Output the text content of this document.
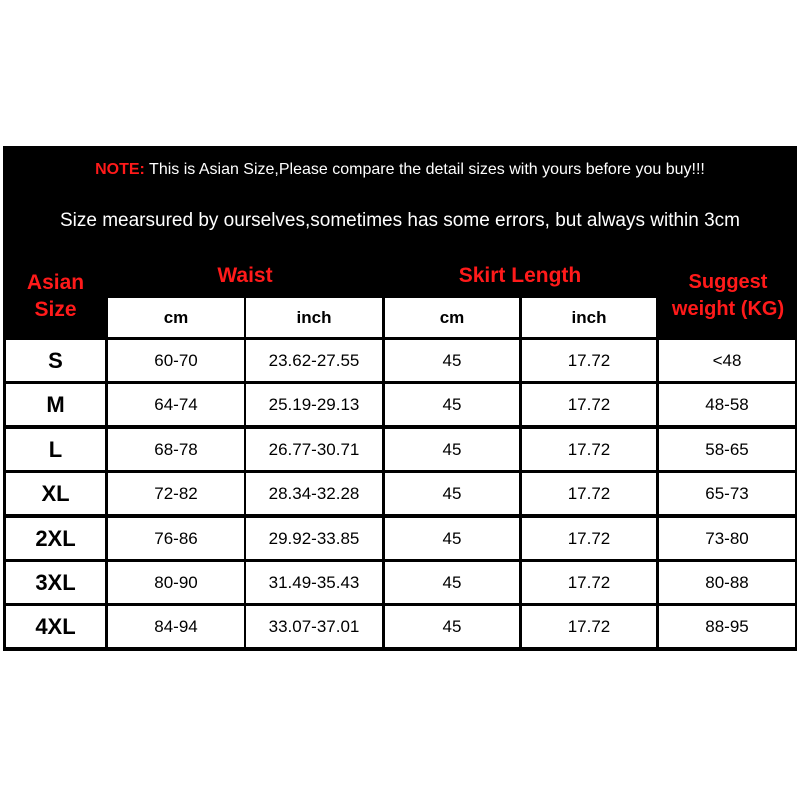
NOTE: This is Asian Size,Please compare the detail sizes with yours before you buy!!!
Size mearsured by ourselves,sometimes has some errors, but always within 3cm
Asian Size
Waist	Skirt Length	Suggest weight (KG)
cm	inch	cm	inch
S	60-70	23.62-27.55	45	17.72	<48
M	64-74	25.19-29.13	45	17.72	48-58
L	68-78	26.77-30.71	45	17.72	58-65
XL	72-82	28.34-32.28	45	17.72	65-73
2XL	76-86	29.92-33.85	45	17.72	73-80
3XL	80-90	31.49-35.43	45	17.72	80-88
4XL	84-94	33.07-37.01	45	17.72	88-95
